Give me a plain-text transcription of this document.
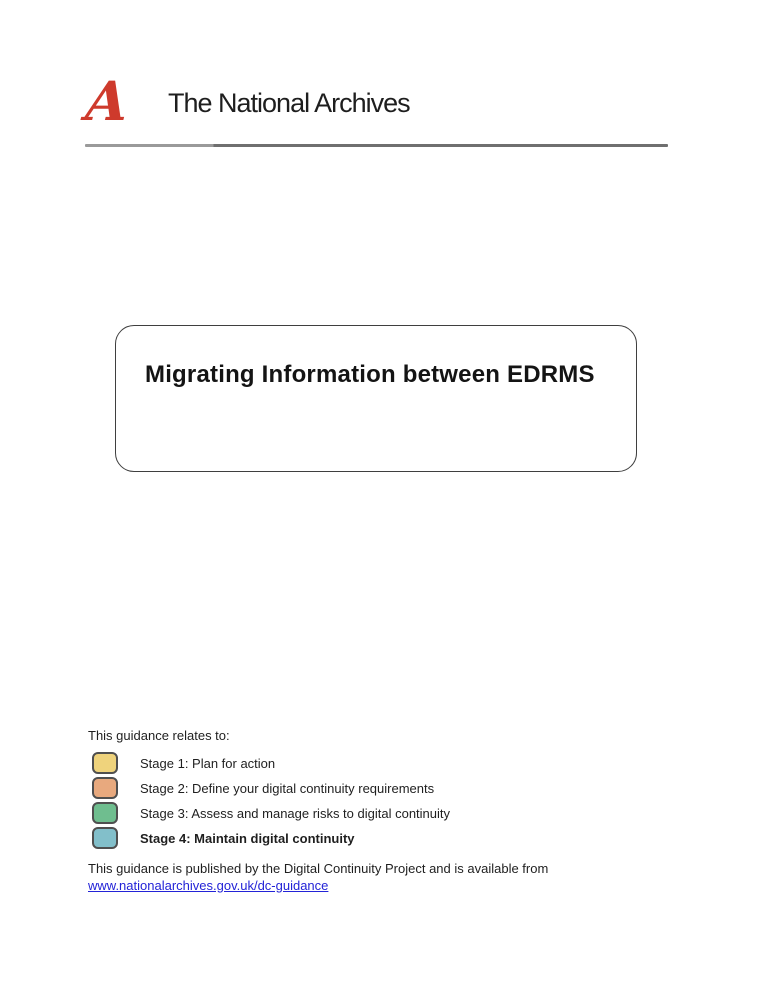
A The National Archives
Migrating Information between EDRMS
This guidance relates to:
Stage 1: Plan for action
Stage 2: Define your digital continuity requirements
Stage 3: Assess and manage risks to digital continuity
Stage 4: Maintain digital continuity
This guidance is published by the Digital Continuity Project and is available from
www.nationalarchives.gov.uk/dc-guidance
